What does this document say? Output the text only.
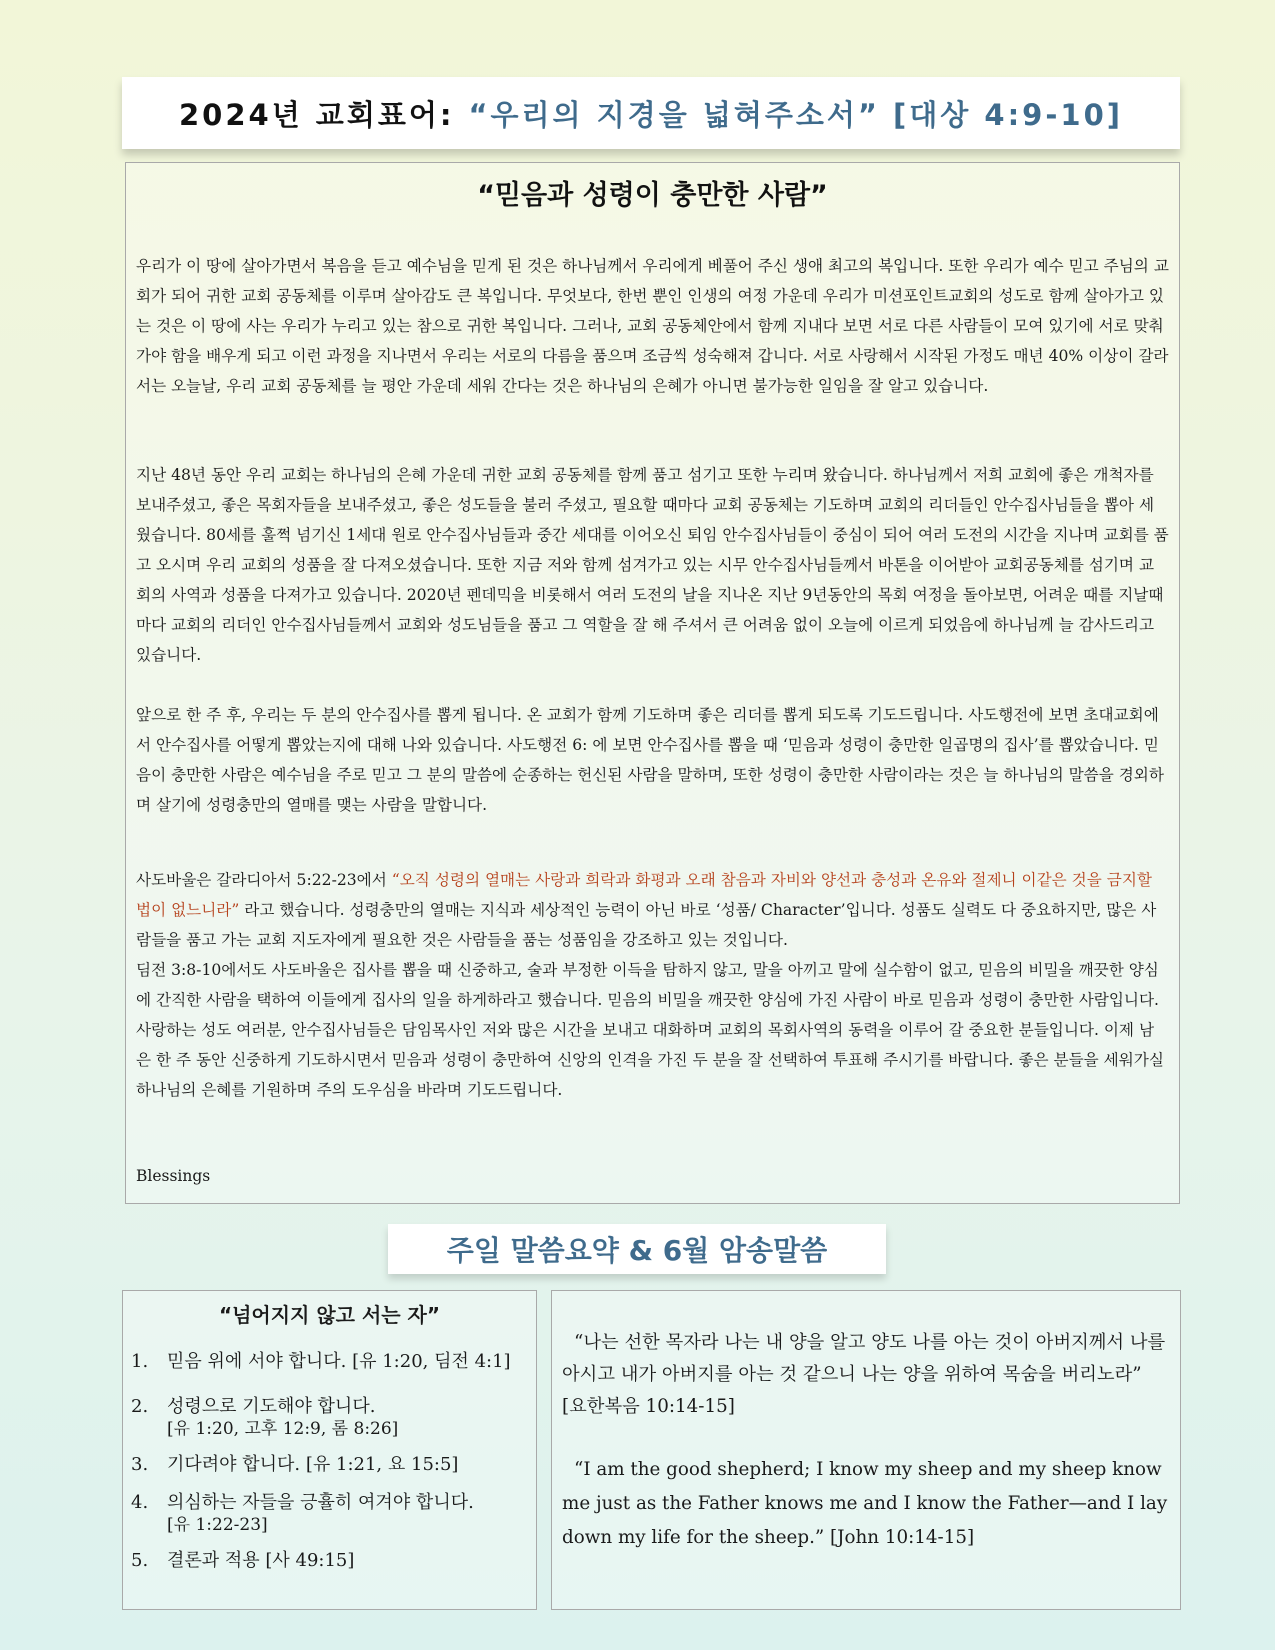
2024년 교회표어: “우리의 지경을 넓혀주소서” [대상 4:9-10]
“믿음과 성령이 충만한 사람”

우리가 이 땅에 살아가면서 복음을 듣고 예수님을 믿게 된 것은 하나님께서 우리에게 베풀어 주신 생애 최고의 복입니다. 또한 우리가 예수 믿고 주님의 교회가 되어 귀한 교회 공동체를 이루며 살아감도 큰 복입니다. 무엇보다, 한번 뿐인 인생의 여정 가운데 우리가 미션포인트교회의 성도로 함께 살아가고 있는 것은 이 땅에 사는 우리가 누리고 있는 참으로 귀한 복입니다. 그러나, 교회 공동체안에서 함께 지내다 보면 서로 다른 사람들이 모여 있기에 서로 맞춰가야 함을 배우게 되고 이런 과정을 지나면서 우리는 서로의 다름을 품으며 조금씩 성숙해져 갑니다. 서로 사랑해서 시작된 가정도 매년 40% 이상이 갈라서는 오늘날, 우리 교회 공동체를 늘 평안 가운데 세워 간다는 것은 하나님의 은혜가 아니면 불가능한 일임을 잘 알고 있습니다.

지난 48년 동안 우리 교회는 하나님의 은혜 가운데 귀한 교회 공동체를 함께 품고 섬기고 또한 누리며 왔습니다. 하나님께서 저희 교회에 좋은 개척자를 보내주셨고, 좋은 목회자들을 보내주셨고, 좋은 성도들을 불러 주셨고, 필요할 때마다 교회 공동체는 기도하며 교회의 리더들인 안수집사님들을 뽑아 세웠습니다. 80세를 훌쩍 넘기신 1세대 원로 안수집사님들과 중간 세대를 이어오신 퇴임 안수집사님들이 중심이 되어 여러 도전의 시간을 지나며 교회를 품고 오시며 우리 교회의 성품을 잘 다져오셨습니다. 또한 지금 저와 함께 섬겨가고 있는 시무 안수집사님들께서 바톤을 이어받아 교회공동체를 섬기며 교회의 사역과 성품을 다져가고 있습니다. 2020년 펜데믹을 비롯해서 여러 도전의 날을 지나온 지난 9년동안의 목회 여정을 돌아보면, 어려운 때를 지날때 마다 교회의 리더인 안수집사님들께서 교회와 성도님들을 품고 그 역할을 잘 해 주셔서 큰 어려움 없이 오늘에 이르게 되었음에 하나님께 늘 감사드리고 있습니다.

앞으로 한 주 후, 우리는 두 분의 안수집사를 뽑게 됩니다. 온 교회가 함께 기도하며 좋은 리더를 뽑게 되도록 기도드립니다. 사도행전에 보면 초대교회에서 안수집사를 어떻게 뽑았는지에 대해 나와 있습니다. 사도행전 6: 에 보면 안수집사를 뽑을 때 ‘믿음과 성령이 충만한 일곱명의 집사’를 뽑았습니다. 믿음이 충만한 사람은 예수님을 주로 믿고 그 분의 말씀에 순종하는 헌신된 사람을 말하며, 또한 성령이 충만한 사람이라는 것은 늘 하나님의 말씀을 경외하며 살기에 성령충만의 열매를 맺는 사람을 말합니다.

사도바울은 갈라디아서 5:22-23에서 “오직 성령의 열매는 사랑과 희락과 화평과 오래 참음과 자비와 양선과 충성과 온유와 절제니 이같은 것을 금지할 법이 없느니라” 라고 했습니다. 성령충만의 열매는 지식과 세상적인 능력이 아닌 바로 ‘성품/ Character’입니다. 성품도 실력도 다 중요하지만, 많은 사람들을 품고 가는 교회 지도자에게 필요한 것은 사람들을 품는 성품임을 강조하고 있는 것입니다.

딤전 3:8-10에서도 사도바울은 집사를 뽑을 때 신중하고, 술과 부정한 이득을 탐하지 않고, 말을 아끼고 말에 실수함이 없고, 믿음의 비밀을 깨끗한 양심에 간직한 사람을 택하여 이들에게 집사의 일을 하게하라고 했습니다. 믿음의 비밀을 깨끗한 양심에 가진 사람이 바로 믿음과 성령이 충만한 사람입니다. 사랑하는 성도 여러분, 안수집사님들은 담임목사인 저와 많은 시간을 보내고 대화하며 교회의 목회사역의 동력을 이루어 갈 중요한 분들입니다. 이제 남은 한 주 동안 신중하게 기도하시면서 믿음과 성령이 충만하여 신앙의 인격을 가진 두 분을 잘 선택하여 투표해 주시기를 바랍니다. 좋은 분들을 세워가실 하나님의 은혜를 기원하며 주의 도우심을 바라며 기도드립니다.

Blessings
주일 말씀요약 & 6월 암송말씀
“넘어지지 않고 서는 자”
1. 믿음 위에 서야 합니다. [유 1:20, 딤전 4:1]
2. 성령으로 기도해야 합니다.
[유 1:20, 고후 12:9, 롬 8:26]
3. 기다려야 합니다. [유 1:21, 요 15:5]
4. 의심하는 자들을 긍휼히 여겨야 합니다.
[유 1:22-23]
5. 결론과 적용 [사 49:15]

“나는 선한 목자라 나는 내 양을 알고 양도 나를 아는 것이 아버지께서 나를 아시고 내가 아버지를 아는 것 같으니 나는 양을 위하여 목숨을 버리노라” [요한복음 10:14-15]

“I am the good shepherd; I know my sheep and my sheep know me just as the Father knows me and I know the Father—and I lay down my life for the sheep.” [John 10:14-15]
